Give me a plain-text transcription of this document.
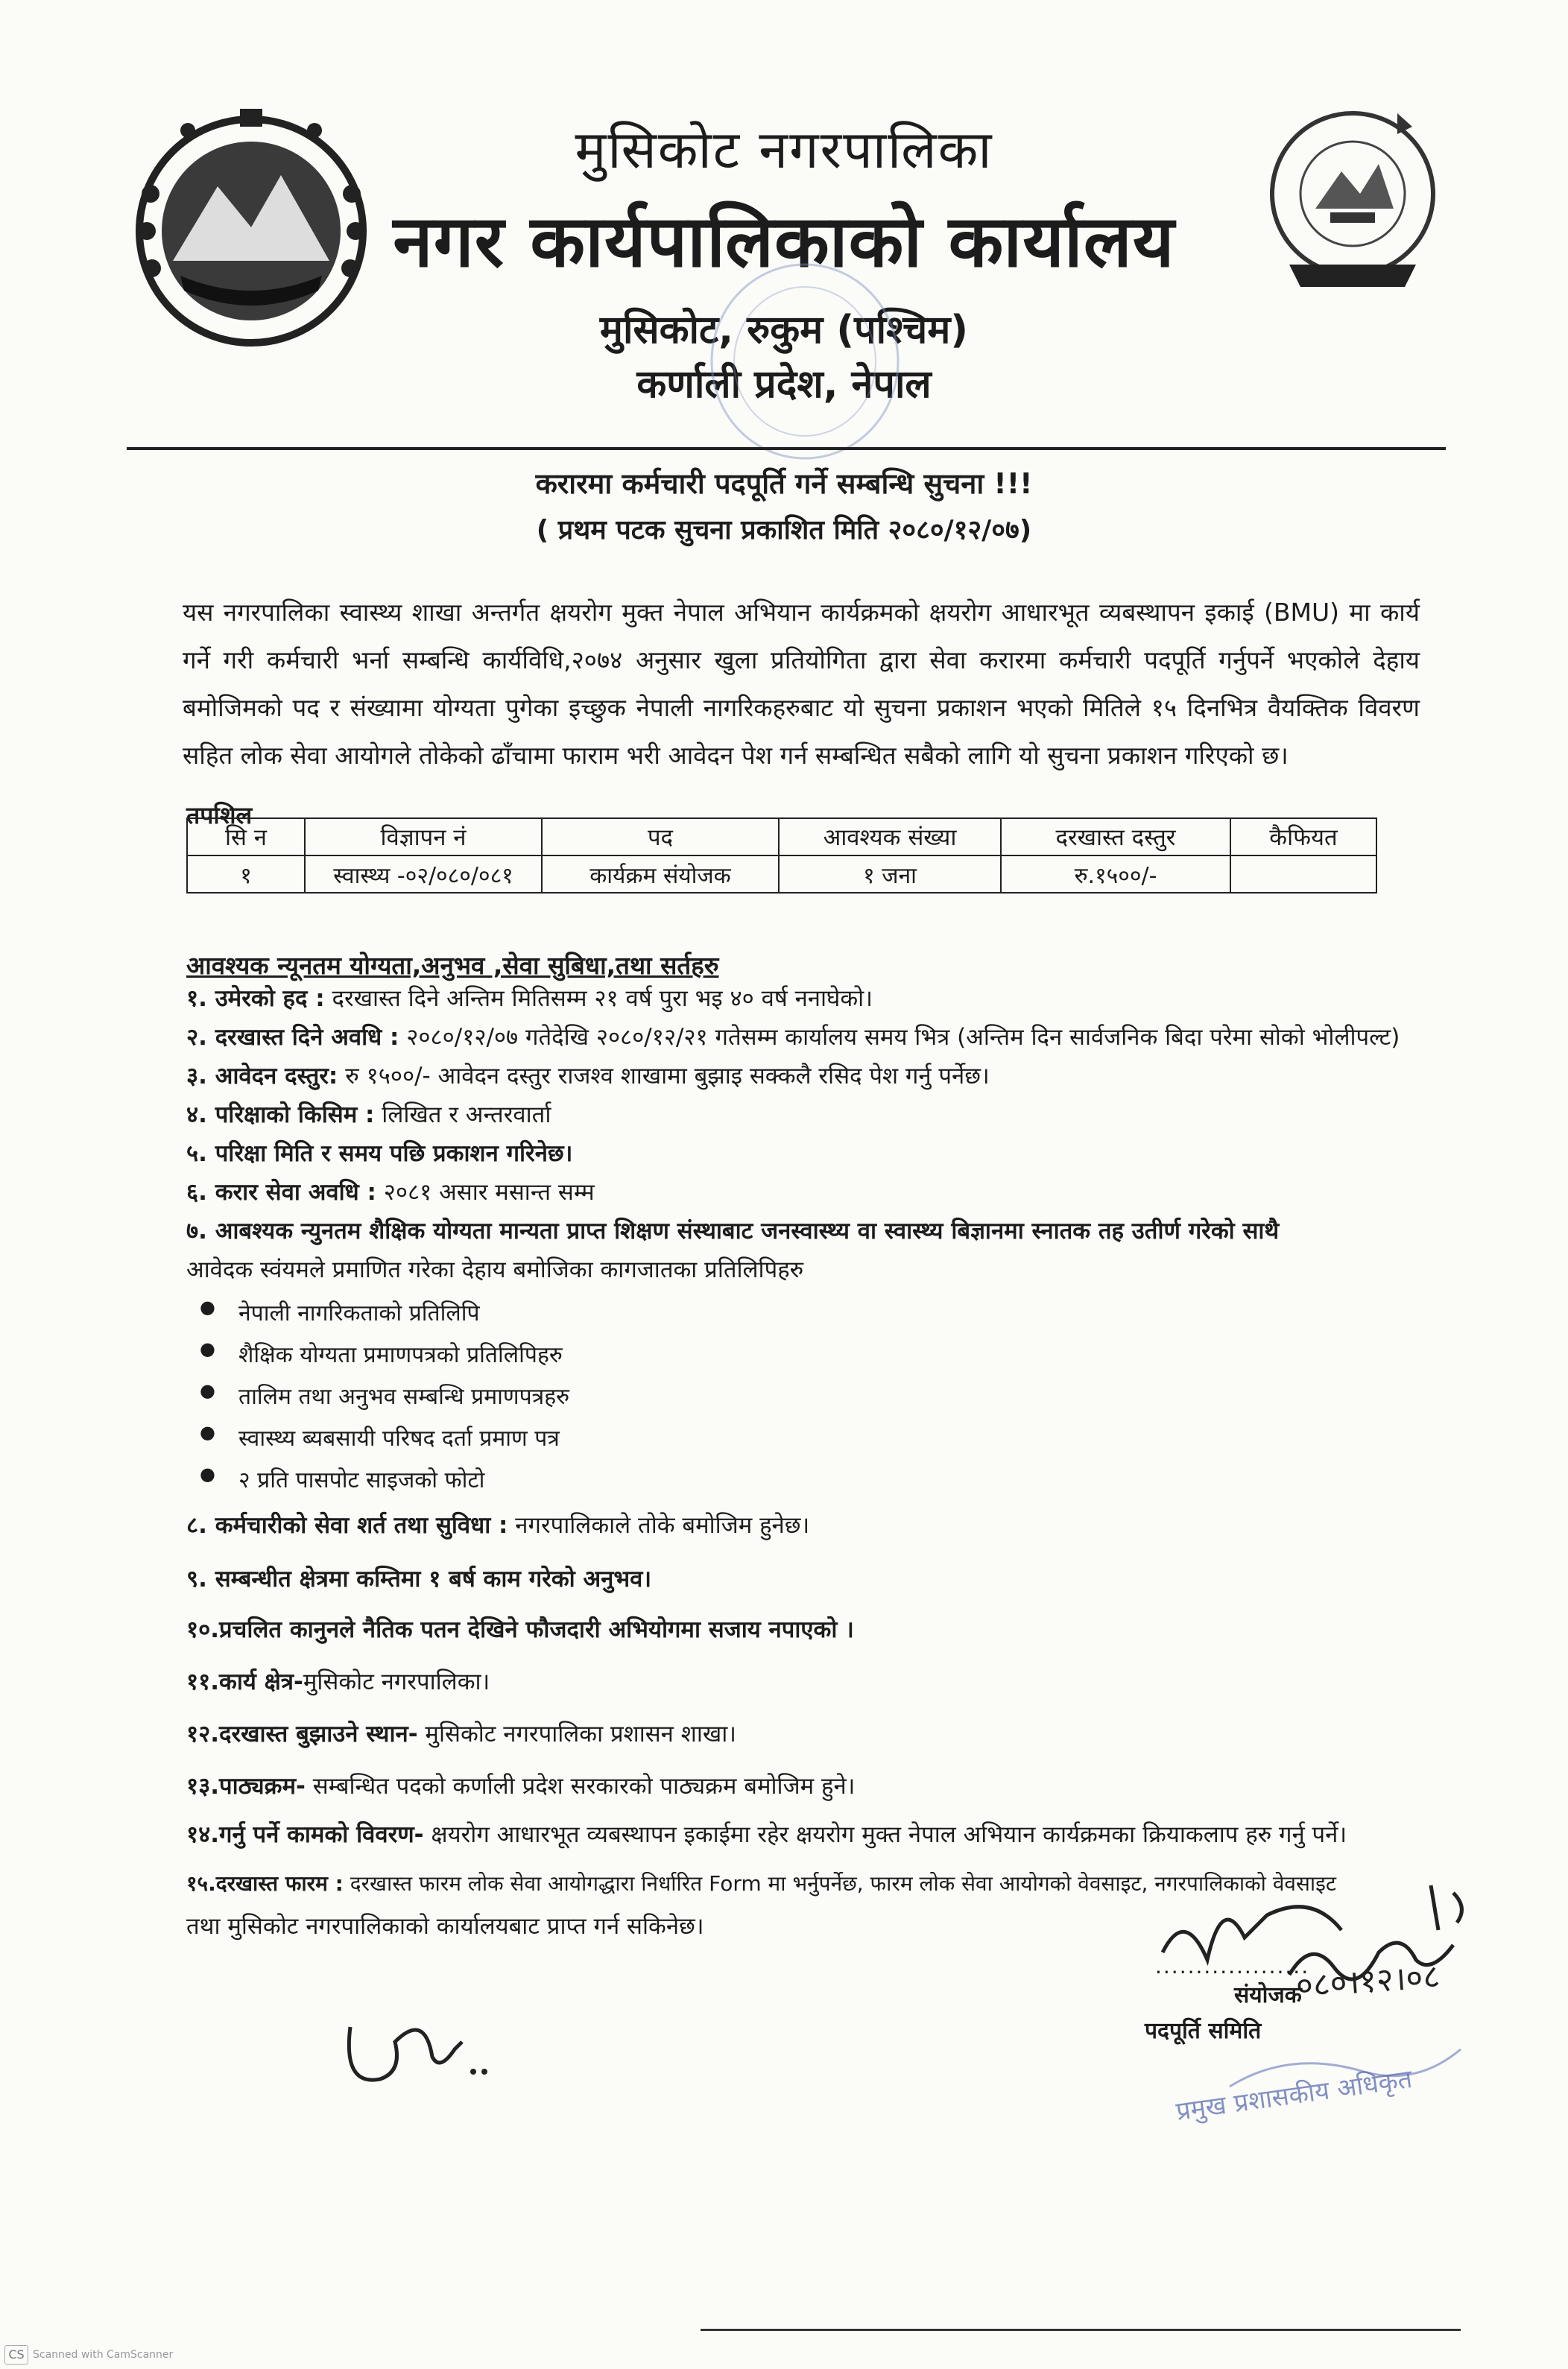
मुसिकोट नगरपालिका
नगर कार्यपालिकाको कार्यालय
मुसिकोट, रुकुम (पश्चिम)
कर्णाली प्रदेश, नेपाल
करारमा कर्मचारी पदपूर्ति गर्ने सम्बन्धि सुचना !!!
( प्रथम पटक सुचना प्रकाशित मिति २०८०/१२/०७)
यस नगरपालिका स्वास्थ्य शाखा अन्तर्गत क्षयरोग मुक्त नेपाल अभियान कार्यक्रमको क्षयरोग आधारभूत व्यबस्थापन इकाई (BMU) मा कार्य गर्ने गरी कर्मचारी भर्ना सम्बन्धि कार्यविधि,२०७४ अनुसार खुला प्रतियोगिता द्वारा सेवा करारमा कर्मचारी पदपूर्ति गर्नुपर्ने भएकोले देहाय बमोजिमको पद र संख्यामा योग्यता पुगेका इच्छुक नेपाली नागरिकहरुबाट यो सुचना प्रकाशन भएको मितिले १५ दिनभित्र वैयक्तिक विवरण सहित लोक सेवा आयोगले तोकेको ढाँचामा फाराम भरी आवेदन पेश गर्न सम्बन्धित सबैको लागि यो सुचना प्रकाशन गरिएको छ।
तपशिल
सि न	विज्ञापन नं	पद	आवश्यक संख्या	दरखास्त दस्तुर	कैफियत
१	स्वास्थ्य -०२/०८०/०८१	कार्यक्रम संयोजक	१ जना	रु.१५००/-	
आवश्यक न्यूनतम योग्यता,अनुभव ,सेवा सुबिधा,तथा सर्तहरु
१. उमेरको हद : दरखास्त दिने अन्तिम मितिसम्म २१ वर्ष पुरा भइ ४० वर्ष ननाघेको।
२. दरखास्त दिने अवधि : २०८०/१२/०७ गतेदेखि २०८०/१२/२१ गतेसम्म कार्यालय समय भित्र (अन्तिम दिन सार्वजनिक बिदा परेमा सोको भोलीपल्ट)
३. आवेदन दस्तुर: रु १५००/- आवेदन दस्तुर राजश्व शाखामा बुझाइ सक्कलै रसिद पेश गर्नु पर्नेछ।
४. परिक्षाको किसिम : लिखित र अन्तरवार्ता
५. परिक्षा मिति र समय पछि प्रकाशन गरिनेछ।
६. करार सेवा अवधि : २०८१ असार मसान्त सम्म
७. आबश्यक न्युनतम शैक्षिक योग्यता मान्यता प्राप्त शिक्षण संस्थाबाट जनस्वास्थ्य वा स्वास्थ्य बिज्ञानमा स्नातक तह उतीर्ण गरेको साथै
आवेदक स्वंयमले प्रमाणित गरेका देहाय बमोजिका कागजातका प्रतिलिपिहरु
● नेपाली नागरिकताको प्रतिलिपि
● शैक्षिक योग्यता प्रमाणपत्रको प्रतिलिपिहरु
● तालिम तथा अनुभव सम्बन्धि प्रमाणपत्रहरु
● स्वास्थ्य ब्यबसायी परिषद दर्ता प्रमाण पत्र
● २ प्रति पासपोट साइजको फोटो
८. कर्मचारीको सेवा शर्त तथा सुविधा : नगरपालिकाले तोके बमोजिम हुनेछ।
९. सम्बन्धीत क्षेत्रमा कम्तिमा १ बर्ष काम गरेको अनुभव।
१०.प्रचलित कानुनले नैतिक पतन देखिने फौजदारी अभियोगमा सजाय नपाएको ।
११.कार्य क्षेत्र-मुसिकोट नगरपालिका।
१२.दरखास्त बुझाउने स्थान- मुसिकोट नगरपालिका प्रशासन शाखा।
१३.पाठ्यक्रम- सम्बन्धित पदको कर्णाली प्रदेश सरकारको पाठ्यक्रम बमोजिम हुने।
१४.गर्नु पर्ने कामको विवरण- क्षयरोग आधारभूत व्यबस्थापन इकाईमा रहेर क्षयरोग मुक्त नेपाल अभियान कार्यक्रमका क्रियाकलाप हरु गर्नु पर्ने।
१५.दरखास्त फारम : दरखास्त फारम लोक सेवा आयोगद्धारा निर्धारित Form मा भर्नुपर्नेछ, फारम लोक सेवा आयोगको वेवसाइट, नगरपालिकाको वेवसाइट
तथा मुसिकोट नगरपालिकाको कार्यालयबाट प्राप्त गर्न सकिनेछ।
०८०।१२।०८
प्रमुख प्रशासकीय अधिकृत
...................
संयोजक
पदपूर्ति समिति
CS Scanned with CamScanner
